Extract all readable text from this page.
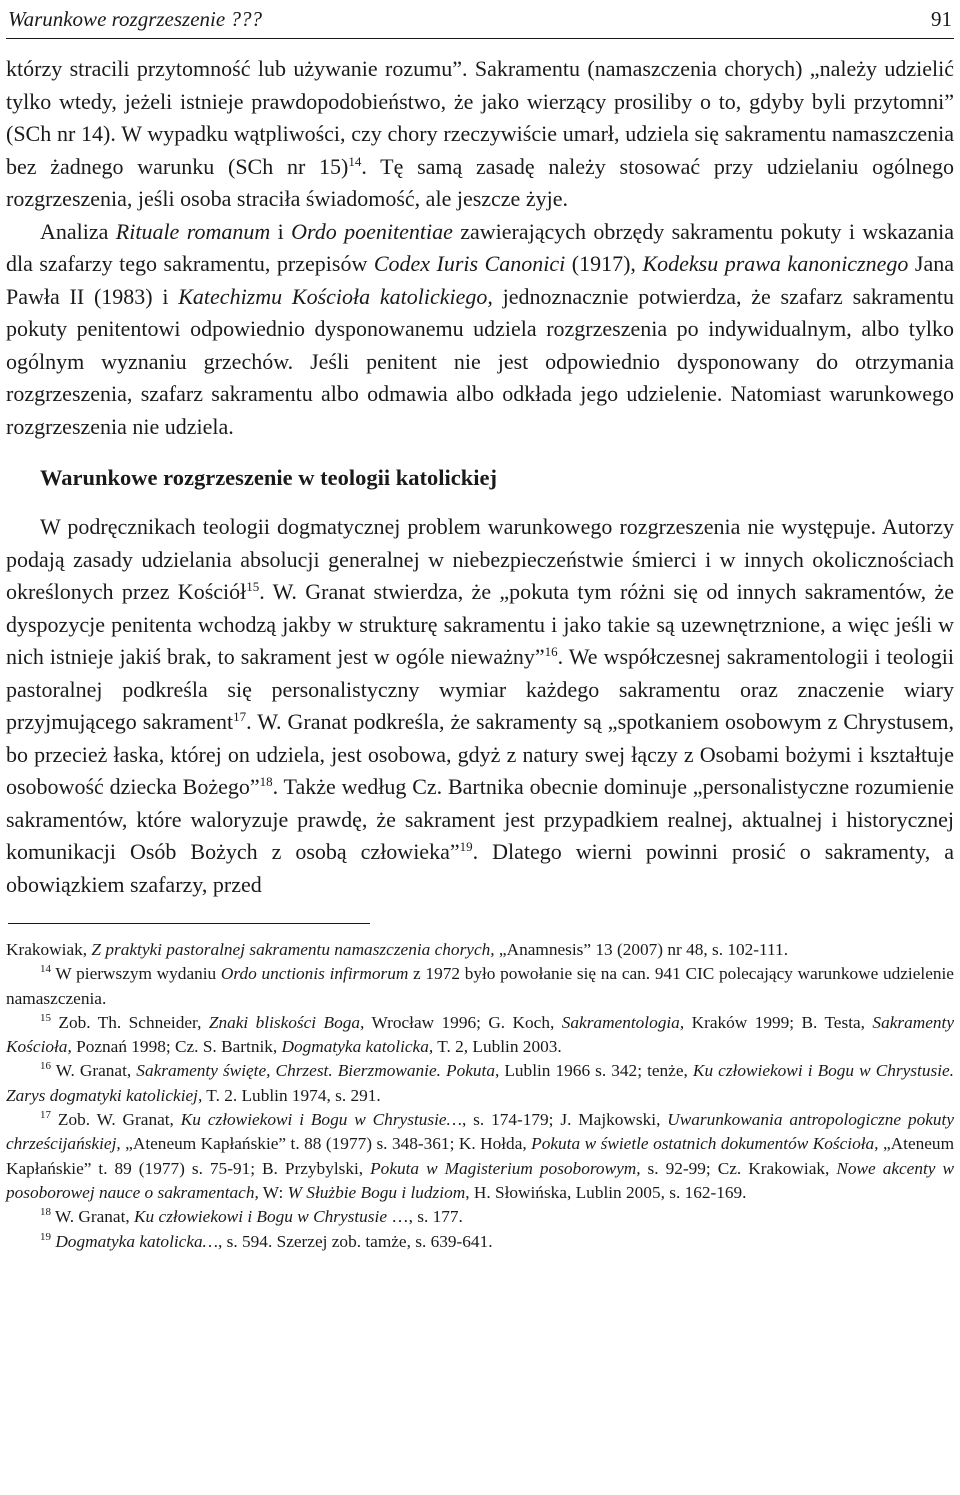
Warunkowe rozgrzeszenie ???	91

którzy stracili przytomność lub używanie rozumu”. Sakramentu (namaszczenia chorych) „należy udzielić tylko wtedy, jeżeli istnieje prawdopodobieństwo, że jako wierzący prosiliby o to, gdyby byli przytomni” (SCh nr 14). W wypadku wątpliwości, czy chory rzeczywiście umarł, udziela się sakramentu namaszczenia bez żadnego warunku (SCh nr 15)$^{14}$. Tę samą zasadę należy stosować przy udzielaniu ogólnego rozgrzeszenia, jeśli osoba straciła świadomość, ale jeszcze żyje.

Analiza Rituale romanum i Ordo poenitentiae zawierających obrzędy sakramentu pokuty i wskazania dla szafarzy tego sakramentu, przepisów Codex Iuris Canonici (1917), Kodeksu prawa kanonicznego Jana Pawła II (1983) i Katechizmu Kościoła katolickiego, jednoznacznie potwierdza, że szafarz sakramentu pokuty penitentowi odpowiednio dysponowanemu udziela rozgrzeszenia po indywidualnym, albo tylko ogólnym wyznaniu grzechów. Jeśli penitent nie jest odpowiednio dysponowany do otrzymania rozgrzeszenia, szafarz sakramentu albo odmawia albo odkłada jego udzielenie. Natomiast warunkowego rozgrzeszenia nie udziela.

Warunkowe rozgrzeszenie w teologii katolickiej

W podręcznikach teologii dogmatycznej problem warunkowego rozgrzeszenia nie występuje. Autorzy podają zasady udzielania absolucji generalnej w niebezpieczeństwie śmierci i w innych okolicznościach określonych przez Kościół$^{15}$. W. Granat stwierdza, że „pokuta tym różni się od innych sakramentów, że dyspozycje penitenta wchodzą jakby w strukturę sakramentu i jako takie są uzewnętrznione, a więc jeśli w nich istnieje jakiś brak, to sakrament jest w ogóle nieważny”$^{16}$. We współczesnej sakramentologii i teologii pastoralnej podkreśla się personalistyczny wymiar każdego sakramentu oraz znaczenie wiary przyjmującego sakrament$^{17}$. W. Granat podkreśla, że sakramenty są „spotkaniem osobowym z Chrystusem, bo przecież łaska, której on udziela, jest osobowa, gdyż z natury swej łączy z Osobami bożymi i kształtuje osobowość dziecka Bożego”$^{18}$. Także według Cz. Bartnika obecnie dominuje „personalistyczne rozumienie sakramentów, które waloryzuje prawdę, że sakrament jest przypadkiem realnej, aktualnej i historycznej komunikacji Osób Bożych z osobą człowieka”$^{19}$. Dlatego wierni powinni prosić o sakramenty, a obowiązkiem szafarzy, przed

Krakowiak, Z praktyki pastoralnej sakramentu namaszczenia chorych, „Anamnesis” 13 (2007) nr 48, s. 102-111.

$^{14}$ W pierwszym wydaniu Ordo unctionis infirmorum z 1972 było powołanie się na can. 941 CIC polecający warunkowe udzielenie namaszczenia.

$^{15}$ Zob. Th. Schneider, Znaki bliskości Boga, Wrocław 1996; G. Koch, Sakramentologia, Kraków 1999; B. Testa, Sakramenty Kościoła, Poznań 1998; Cz. S. Bartnik, Dogmatyka katolicka, T. 2, Lublin 2003.

$^{16}$ W. Granat, Sakramenty święte, Chrzest. Bierzmowanie. Pokuta, Lublin 1966 s. 342; tenże, Ku człowiekowi i Bogu w Chrystusie. Zarys dogmatyki katolickiej, T. 2. Lublin 1974, s. 291.

$^{17}$ Zob. W. Granat, Ku człowiekowi i Bogu w Chrystusie…, s. 174-179; J. Majkowski, Uwarunkowania antropologiczne pokuty chrześcijańskiej, „Ateneum Kapłańskie” t. 88 (1977) s. 348-361; K. Hołda, Pokuta w świetle ostatnich dokumentów Kościoła, „Ateneum Kapłańskie” t. 89 (1977) s. 75-91; B. Przybylski, Pokuta w Magisterium posoborowym, s. 92-99; Cz. Krakowiak, Nowe akcenty w posoborowej nauce o sakramentach, W: W Służbie Bogu i ludziom, H. Słowińska, Lublin 2005, s. 162-169.

$^{18}$ W. Granat, Ku człowiekowi i Bogu w Chrystusie …, s. 177.

$^{19}$ Dogmatyka katolicka…, s. 594. Szerzej zob. tamże, s. 639-641.
